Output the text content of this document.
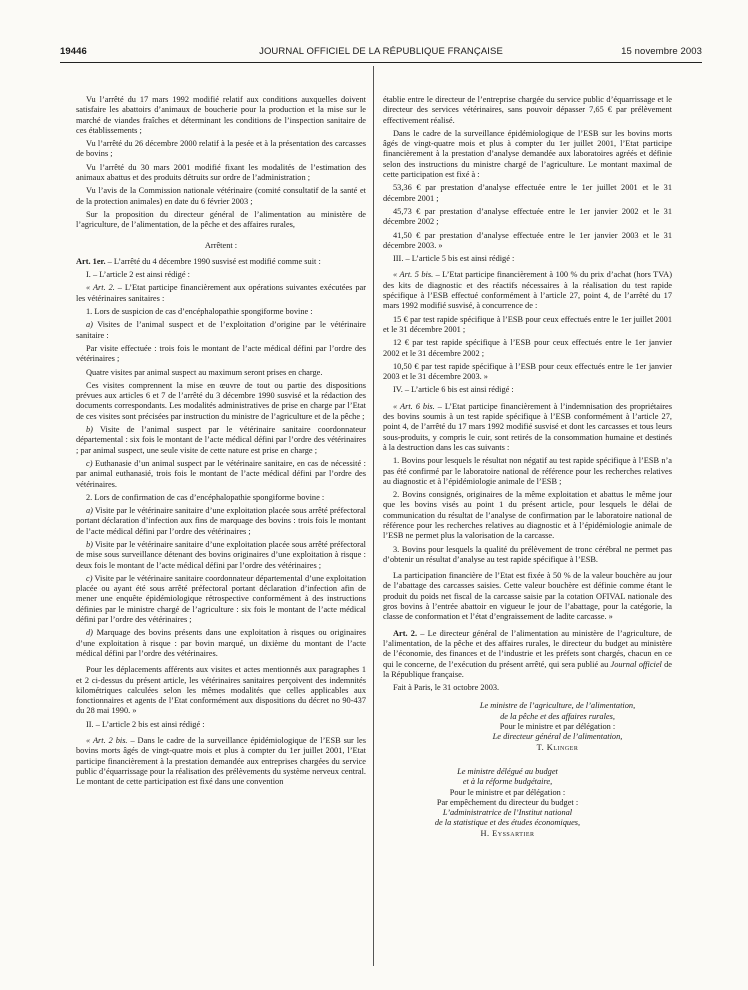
19446	JOURNAL OFFICIEL DE LA RÉPUBLIQUE FRANÇAISE	15 novembre 2003

Vu l’arrêté du 17 mars 1992 modifié relatif aux conditions auxquelles doivent satisfaire les abattoirs d’animaux de boucherie pour la production et la mise sur le marché de viandes fraîches et déterminant les conditions de l’inspection sanitaire de ces établissements ;

Vu l’arrêté du 26 décembre 2000 relatif à la pesée et à la présentation des carcasses de bovins ;

Vu l’arrêté du 30 mars 2001 modifié fixant les modalités de l’estimation des animaux abattus et des produits détruits sur ordre de l’administration ;

Vu l’avis de la Commission nationale vétérinaire (comité consultatif de la santé et de la protection animales) en date du 6 février 2003 ;

Sur la proposition du directeur général de l’alimentation au ministère de l’agriculture, de l’alimentation, de la pêche et des affaires rurales,

Arrêtent :

Art. 1er. – L’arrêté du 4 décembre 1990 susvisé est modifié comme suit :

I. – L’article 2 est ainsi rédigé :

« Art. 2. – L’Etat participe financièrement aux opérations suivantes exécutées par les vétérinaires sanitaires :

1. Lors de suspicion de cas d’encéphalopathie spongiforme bovine :

a) Visites de l’animal suspect et de l’exploitation d’origine par le vétérinaire sanitaire :

Par visite effectuée : trois fois le montant de l’acte médical défini par l’ordre des vétérinaires ;

Quatre visites par animal suspect au maximum seront prises en charge.

Ces visites comprennent la mise en œuvre de tout ou partie des dispositions prévues aux articles 6 et 7 de l’arrêté du 3 décembre 1990 susvisé et la rédaction des documents correspondants. Les modalités administratives de prise en charge par l’Etat de ces visites sont précisées par instruction du ministre de l’agriculture et de la pêche ;

b) Visite de l’animal suspect par le vétérinaire sanitaire coordonnateur départemental : six fois le montant de l’acte médical défini par l’ordre des vétérinaires ; par animal suspect, une seule visite de cette nature est prise en charge ;

c) Euthanasie d’un animal suspect par le vétérinaire sanitaire, en cas de nécessité : par animal euthanasié, trois fois le montant de l’acte médical défini par l’ordre des vétérinaires.

2. Lors de confirmation de cas d’encéphalopathie spongiforme bovine :

a) Visite par le vétérinaire sanitaire d’une exploitation placée sous arrêté préfectoral portant déclaration d’infection aux fins de marquage des bovins : trois fois le montant de l’acte médical défini par l’ordre des vétérinaires ;

b) Visite par le vétérinaire sanitaire d’une exploitation placée sous arrêté préfectoral de mise sous surveillance détenant des bovins originaires d’une exploitation à risque : deux fois le montant de l’acte médical défini par l’ordre des vétérinaires ;

c) Visite par le vétérinaire sanitaire coordonnateur départemental d’une exploitation placée ou ayant été sous arrêté préfectoral portant déclaration d’infection afin de mener une enquête épidémiologique rétrospective conformément à des instructions définies par le ministre chargé de l’agriculture : six fois le montant de l’acte médical défini par l’ordre des vétérinaires ;

d) Marquage des bovins présents dans une exploitation à risques ou originaires d’une exploitation à risque : par bovin marqué, un dixième du montant de l’acte médical défini par l’ordre des vétérinaires.

Pour les déplacements afférents aux visites et actes mentionnés aux paragraphes 1 et 2 ci-dessus du présent article, les vétérinaires sanitaires perçoivent des indemnités kilométriques calculées selon les mêmes modalités que celles applicables aux fonctionnaires et agents de l’Etat conformément aux dispositions du décret no 90-437 du 28 mai 1990. »

II. – L’article 2 bis est ainsi rédigé :

« Art. 2 bis. – Dans le cadre de la surveillance épidémiologique de l’ESB sur les bovins morts âgés de vingt-quatre mois et plus à compter du 1er juillet 2001, l’Etat participe financièrement à la prestation demandée aux entreprises chargées du service public d’équarrissage pour la réalisation des prélèvements du système nerveux central. Le montant de cette participation est fixé dans une convention

établie entre le directeur de l’entreprise chargée du service public d’équarrissage et le directeur des services vétérinaires, sans pouvoir dépasser 7,65 € par prélèvement effectivement réalisé.

Dans le cadre de la surveillance épidémiologique de l’ESB sur les bovins morts âgés de vingt-quatre mois et plus à compter du 1er juillet 2001, l’Etat participe financièrement à la prestation d’analyse demandée aux laboratoires agréés et définie selon des instructions du ministre chargé de l’agriculture. Le montant maximal de cette participation est fixé à :

53,36 € par prestation d’analyse effectuée entre le 1er juillet 2001 et le 31 décembre 2001 ;

45,73 € par prestation d’analyse effectuée entre le 1er janvier 2002 et le 31 décembre 2002 ;

41,50 € par prestation d’analyse effectuée entre le 1er janvier 2003 et le 31 décembre 2003. »

III. – L’article 5 bis est ainsi rédigé :

« Art. 5 bis. – L’Etat participe financièrement à 100 % du prix d’achat (hors TVA) des kits de diagnostic et des réactifs nécessaires à la réalisation du test rapide spécifique à l’ESB effectué conformément à l’article 27, point 4, de l’arrêté du 17 mars 1992 modifié susvisé, à concurrence de :

15 € par test rapide spécifique à l’ESB pour ceux effectués entre le 1er juillet 2001 et le 31 décembre 2001 ;

12 € par test rapide spécifique à l’ESB pour ceux effectués entre le 1er janvier 2002 et le 31 décembre 2002 ;

10,50 € par test rapide spécifique à l’ESB pour ceux effectués entre le 1er janvier 2003 et le 31 décembre 2003. »

IV. – L’article 6 bis est ainsi rédigé :

« Art. 6 bis. – L’Etat participe financièrement à l’indemnisation des propriétaires des bovins soumis à un test rapide spécifique à l’ESB conformément à l’article 27, point 4, de l’arrêté du 17 mars 1992 modifié susvisé et dont les carcasses et tous leurs sous-produits, y compris le cuir, sont retirés de la consommation humaine et destinés à la destruction dans les cas suivants :

1. Bovins pour lesquels le résultat non négatif au test rapide spécifique à l’ESB n’a pas été confirmé par le laboratoire national de référence pour les recherches relatives au diagnostic et à l’épidémiologie animale de l’ESB ;

2. Bovins consignés, originaires de la même exploitation et abattus le même jour que les bovins visés au point 1 du présent article, pour lesquels le délai de communication du résultat de l’analyse de confirmation par le laboratoire national de référence pour les recherches relatives au diagnostic et à l’épidémiologie animale de l’ESB ne permet plus la valorisation de la carcasse.

3. Bovins pour lesquels la qualité du prélèvement de tronc cérébral ne permet pas d’obtenir un résultat d’analyse au test rapide spécifique à l’ESB.

La participation financière de l’Etat est fixée à 50 % de la valeur bouchère au jour de l’abattage des carcasses saisies. Cette valeur bouchère est définie comme étant le produit du poids net fiscal de la carcasse saisie par la cotation OFIVAL nationale des gros bovins à l’entrée abattoir en vigueur le jour de l’abattage, pour la catégorie, la classe de conformation et l’état d’engraissement de ladite carcasse. »

Art. 2. – Le directeur général de l’alimentation au ministère de l’agriculture, de l’alimentation, de la pêche et des affaires rurales, le directeur du budget au ministère de l’économie, des finances et de l’industrie et les préfets sont chargés, chacun en ce qui le concerne, de l’exécution du présent arrêté, qui sera publié au Journal officiel de la République française.

Fait à Paris, le 31 octobre 2003.

Le ministre de l’agriculture, de l’alimentation,
de la pêche et des affaires rurales,
Pour le ministre et par délégation :
Le directeur général de l’alimentation,
T. Klinger
Le ministre délégué au budget
et à la réforme budgétaire,
Pour le ministre et par délégation :
Par empêchement du directeur du budget :
L’administratrice de l’Institut national
de la statistique et des études économiques,
H. Eyssartier
